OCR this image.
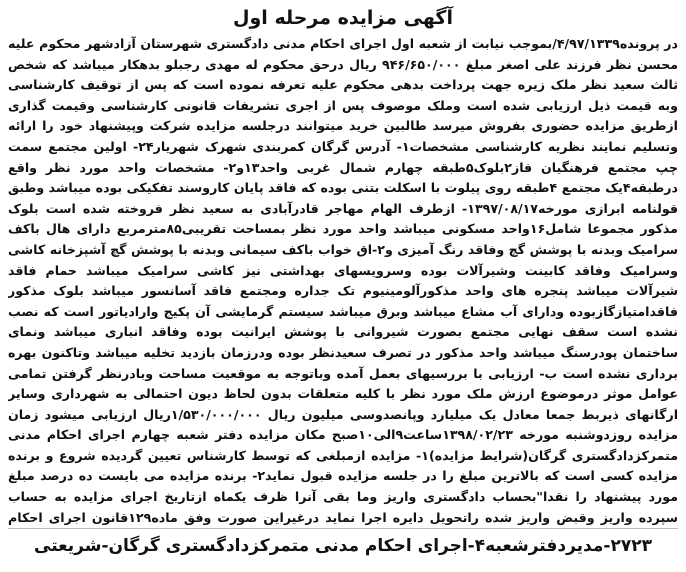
آگهی مزایده مرحله اول
در پرونده۴/۹۷/۱۳۳۹/بموجب نیابت از شعبه اول اجرای احکام مدنی دادگستری شهرستان آزادشهر محکوم علیه محسن نظر فرزند علی اصغر مبلغ ۹۴۶/۶۵۰/۰۰۰ ریال درحق محکوم له مهدی رجبلو بدهکار میباشد که شخص ثالث سعید نظر ملک زیره جهت پرداخت بدهی محکوم علیه تعرفه نموده است که پس از توقیف کارشناسی وبه قیمت ذیل ارزیابی شده است وملک موصوف پس از اجری تشریفات قانونی کارشناسی وقیمت گذاری ازطریق مزایده حضوری بفروش میرسد طالبین خرید میتوانند درجلسه مزایده شرکت وپیشنهاد خود را ارائه وتسلیم نمایند نظریه کارشناسی مشخصات۱- آدرس گرگان کمربندی شهرک شهریار۲۴- اولین مجتمع سمت چپ مجتمع فرهنگیان فاز۲بلوک۵طبقه چهارم شمال غربی واحد۱۳و۲- مشخصات واحد مورد نظر واقع درطبقه۴یک مجتمع ۴طبقه روی پیلوت با اسکلت بتنی بوده که فاقد پایان کاروسند تفکیکی بوده میباشد وطبق قولنامه ابرازی مورخه۱۳۹۷/۰۸/۱۷- ازطرف الهام مهاجر قادرآبادی به سعید نظر فروخته شده است بلوک مذکور مجموعا شامل۱۶واحد مسکونی میباشد واحد مورد نظر بمساحت تقریبی۸۵مترمربع دارای هال باکف سرامیک وبدنه با پوشش گچ وفاقد رنگ آمیزی و۲-اق خواب باکف سیمانی وبدنه با پوشش گچ آشپزخانه کاشی وسرامیک وفاقد کابینت وشیرآلات بوده وسرویسهای بهداشتی نیز کاشی سرامیک میباشد حمام فاقد شیرآلات میباشد پنجره های واحد مذکورآلومینیوم تک جداره ومجتمع فاقد آسانسور میباشد بلوک مذکور فاقدامتیازگازبوده ودارای آب مشاع میباشد وبرق میباشد سیستم گرمایشی آن پکیج وارادیاتور است که نصب نشده است سقف نهایی مجتمع بصورت شیروانی با پوشش ایرانیت بوده وفاقد انباری میباشد ونمای ساختمان پودرسنگ میباشد واحد مذکور در تصرف سعیدنظر بوده ودرزمان بازدید تخلیه میباشد وتاکنون بهره برداری نشده است ب- ارزیابی با بررسیهای بعمل آمده وباتوجه به موقعیت مساحت وبادرنظر گرفتن تمامی عوامل موثر درموضوع ارزش ملک مورد نظر با کلیه متعلقات بدون لحاظ دیون احتمالی به شهرداری وسایر ارگانهای ذیربط جمعا معادل یک میلیارد وپانصدوسی میلیون ریال ۱/۵۳۰/۰۰۰/۰۰۰ریال ارزیابی میشود زمان مزایده روزدوشنبه مورخه ۱۳۹۸/۰۲/۲۳ساعت۹الی۱۰صبح مکان مزایده دفتر شعبه چهارم اجرای احکام مدنی متمرکزدادگستری گرگان(شرایط مزایده)۱- مزایده ازمبلغی که توسط کارشناس تعیین گردیده شروع و برنده مزایده کسی است که بالاترین مبلغ را در جلسه مزایده قبول نماید۲- برنده مزایده می بایست ده درصد مبلغ مورد پیشنهاد را نقدا"بحساب دادگستری واریز وما بقی آنرا ظرف یکماه ازتاریخ اجرای مزایده به حساب سپرده واریز وقبض واریز شده راتحویل دایره اجرا نماید درغیراین صورت وفق ماده۱۲۹قانون اجرای احکام
۲۷۲۳-مدیردفترشعبه۴-اجرای احکام مدنی متمرکزدادگستری گرگان-شریعتی
